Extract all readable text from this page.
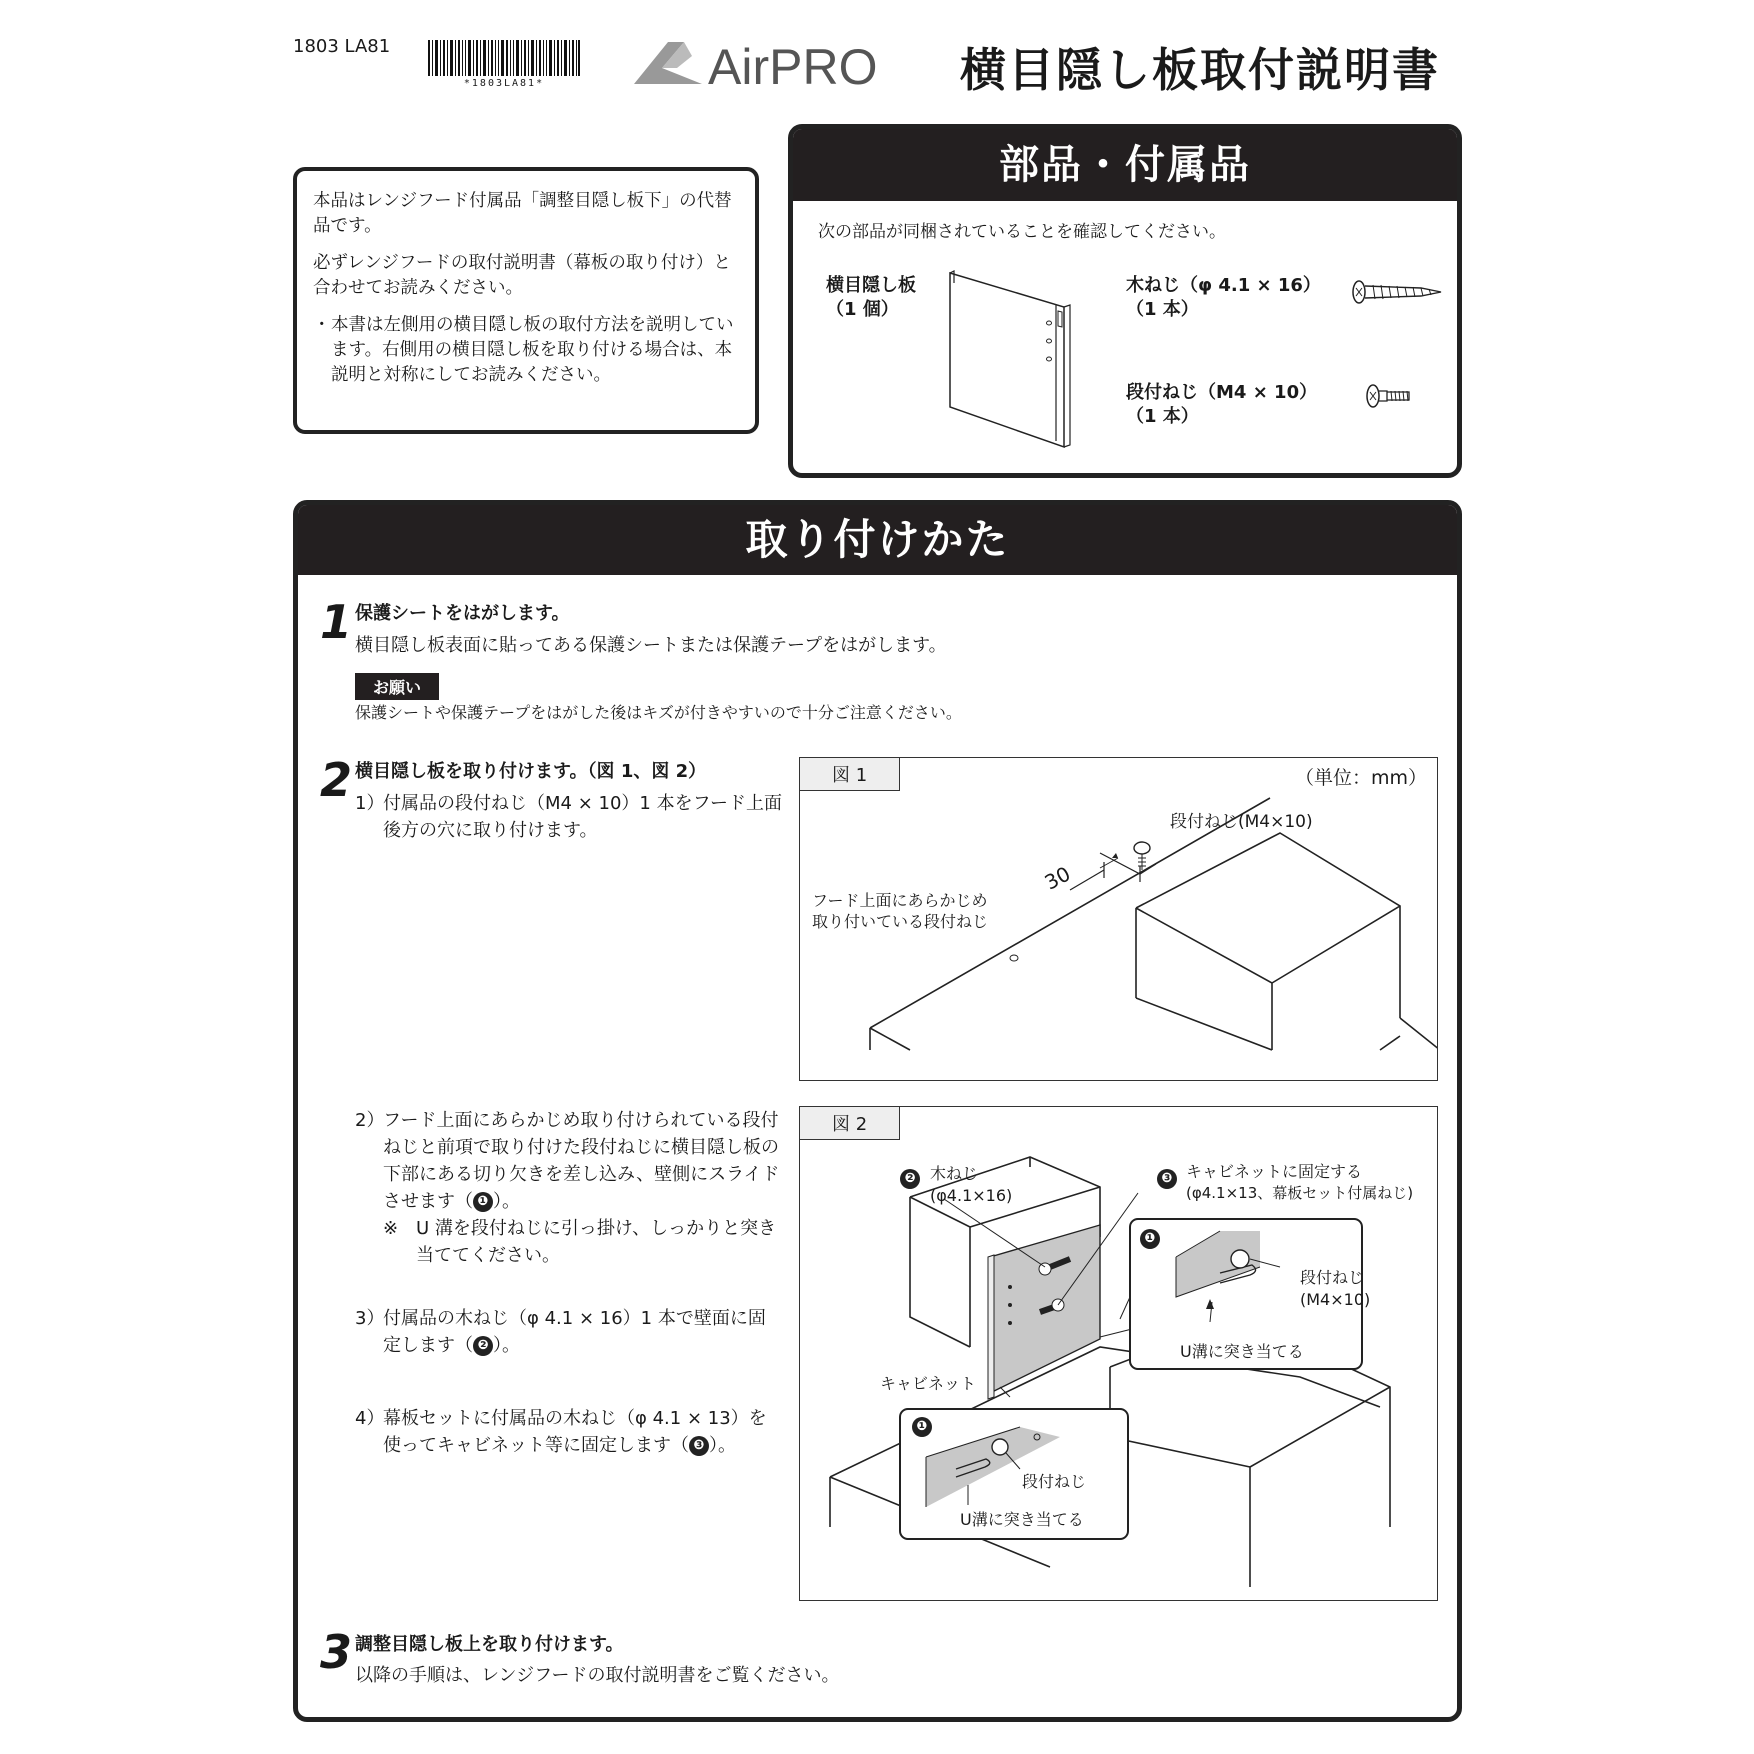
1803 LA81
*1803LA81*	AirPRO 横目隠し板取付説明書

本品はレンジフード付属品「調整目隠し板下」の代替品です。

必ずレンジフードの取付説明書（幕板の取り付け）と合わせてお読みください。

・ 本書は左側用の横目隠し板の取付方法を説明しています。右側用の横目隠し板を取り付ける場合は、本説明と対称にしてお読みください。
部品・付属品
次の部品が同梱されていることを確認してください。
横目隠し板
（1 個）
木ねじ（φ 4.1 × 16）
（1 本）
段付ねじ（M4 × 10）
（1 本）
取り付けかた
1 保護シートをはがします。
横目隠し板表面に貼ってある保護シートまたは保護テープをはがします。
お願い
保護シートや保護テープをはがした後はキズが付きやすいので十分ご注意ください。
2 横目隠し板を取り付けます。（図 1、図 2）
1）
付属品の段付ねじ（M4 × 10）1 本をフード上面後方の穴に取り付けます。
2）
フード上面にあらかじめ取り付けられている段付ねじと前項で取り付けた段付ねじに横目隠し板の下部にある切り欠きを差し込み、壁側にスライドさせます（ ❶ ）。
※ U 溝を段付ねじに引っ掛け、しっかりと突き当ててください。
3）
付属品の木ねじ（φ 4.1 × 16）1 本で壁面に固定します（ ❷ ）。
4）
幕板セットに付属品の木ねじ（φ 4.1 × 13）を使ってキャビネット等に固定します（ ❸ ）。
図 1	（単位：mm）
段付ねじ(M4×10)
30
フード上面にあらかじめ
取り付いている段付ねじ
図 2
❷ 木ねじ
(φ4.1×16)
❸ キャビネットに固定する
(φ4.1×13、幕板セット付属ねじ)
❶
段付ねじ
(M4×10)
U溝に突き当てる
キャビネット
❶
段付ねじ
U溝に突き当てる
3 調整目隠し板上を取り付けます。
以降の手順は、レンジフードの取付説明書をご覧ください。
